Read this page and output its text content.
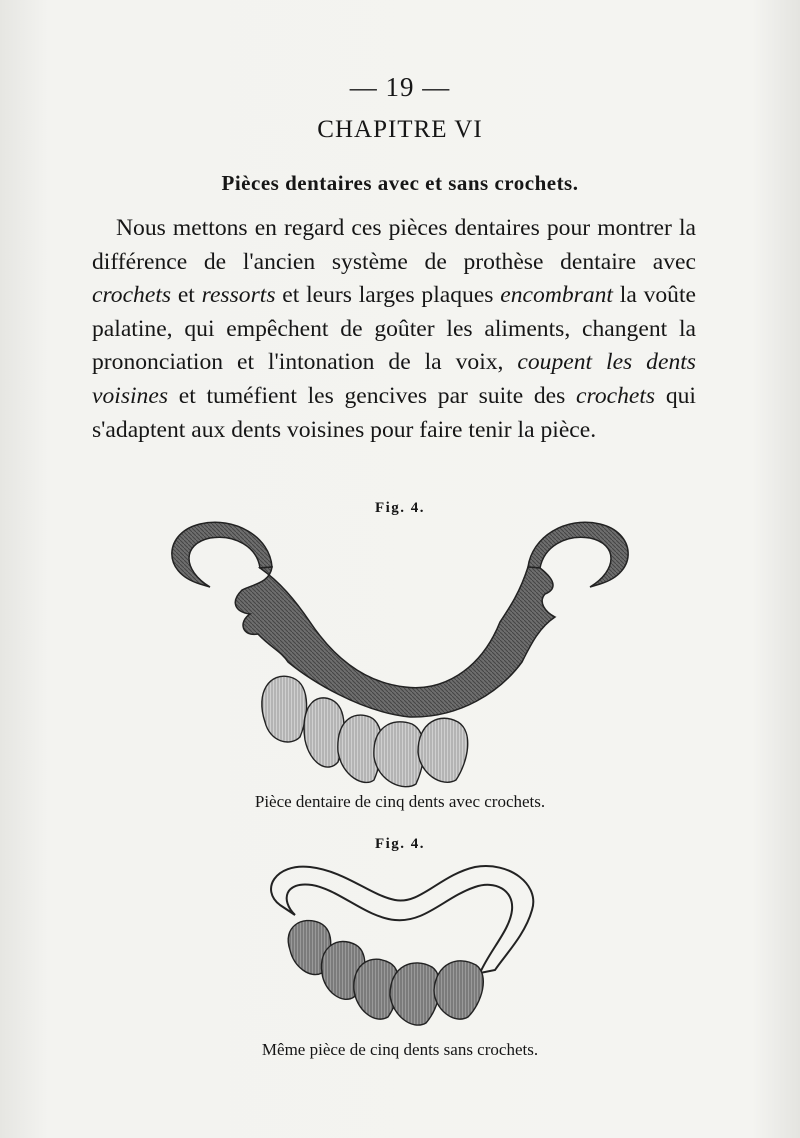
— 19 —
CHAPITRE VI
Pièces dentaires avec et sans crochets.

Nous mettons en regard ces pièces dentaires pour montrer la différence de l'ancien système de prothèse dentaire avec crochets et ressorts et leurs larges plaques encombrant la voûte palatine, qui empêchent de goûter les aliments, changent la prononciation et l'intonation de la voix, coupent les dents voisines et tuméfient les gencives par suite des crochets qui s'adaptent aux dents voisines pour faire tenir la pièce.

Fig. 4.
Pièce dentaire de cinq dents avec crochets.
Fig. 4.
Même pièce de cinq dents sans crochets.
